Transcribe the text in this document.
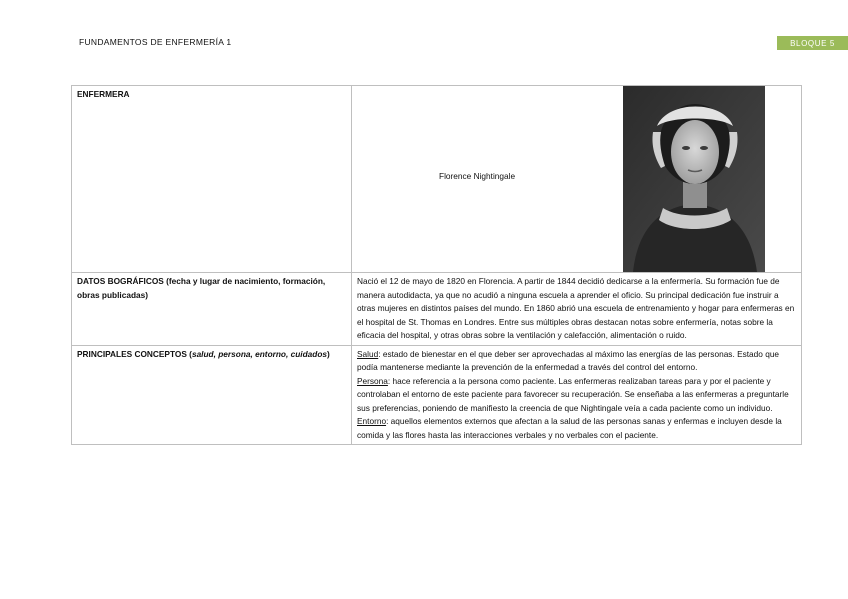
FUNDAMENTOS DE ENFERMERÍA 1	BLOQUE 5
ENFERMERA	Florence Nightingale

DATOS BOGRÁFICOS (fecha y lugar de nacimiento, formación, obras publicadas)	Nació el 12 de mayo de 1820 en Florencia. A partir de 1844 decidió dedicarse a la enfermería. Su formación fue de manera autodidacta, ya que no acudió a ninguna escuela a aprender el oficio. Su principal dedicación fue instruir a otras mujeres en distintos países del mundo. En 1860 abrió una escuela de entrenamiento y hogar para enfermeras en el hospital de St. Thomas en Londres. Entre sus múltiples obras destacan notas sobre enfermería, notas sobre la eficacia del hospital, y otras obras sobre la ventilación y calefacción, alimentación o ruido.
PRINCIPALES CONCEPTOS (salud, persona, entorno, cuidados)	Salud: estado de bienestar en el que deber ser aprovechadas al máximo las energías de las personas. Estado que podía mantenerse mediante la prevención de la enfermedad a través del control del entorno.
Persona: hace referencia a la persona como paciente. Las enfermeras realizaban tareas para y por el paciente y controlaban el entorno de este paciente para favorecer su recuperación. Se enseñaba a las enfermeras a preguntarle sus preferencias, poniendo de manifiesto la creencia de que Nightingale veía a cada paciente como un individuo.
Entorno: aquellos elementos externos que afectan a la salud de las personas sanas y enfermas e incluyen desde la comida y las flores hasta las interacciones verbales y no verbales con el paciente.
